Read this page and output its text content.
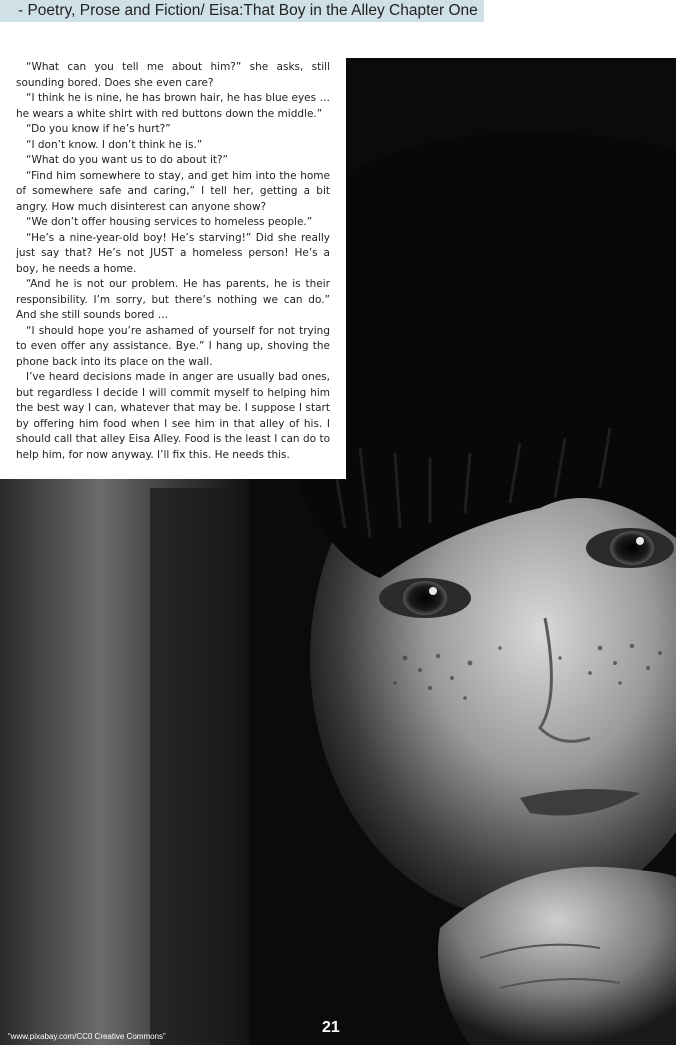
- Poetry, Prose and Fiction/ Eisa:That Boy in the Alley Chapter One

“What can you tell me about him?” she asks, still sounding bored. Does she even care?

“I think he is nine, he has brown hair, he has blue eyes … he wears a white shirt with red buttons down the middle.”

“Do you know if he’s hurt?”

“I don’t know. I don’t think he is.”

“What do you want us to do about it?”

“Find him somewhere to stay, and get him into the home of somewhere safe and caring,” I tell her, getting a bit angry. How much disinterest can anyone show?

“We don’t offer housing services to homeless people.”

“He’s a nine-year-old boy! He’s starving!” Did she really just say that? He’s not JUST a homeless person! He’s a boy, he needs a home.

“And he is not our problem. He has parents, he is their responsibility. I’m sorry, but there’s nothing we can do.” And she still sounds bored …

“I should hope you’re ashamed of yourself for not trying to even offer any assistance. Bye.” I hang up, shoving the phone back into its place on the wall.

I’ve heard decisions made in anger are usually bad ones, but regardless I decide I will commit myself to helping him the best way I can, whatever that may be. I suppose I start by offering him food when I see him in that alley of his. I should call that alley Eisa Alley. Food is the least I can do to help him, for now anyway. I’ll fix this. He needs this.

21
“www.pixabay.com/CC0 Creative Commons”
